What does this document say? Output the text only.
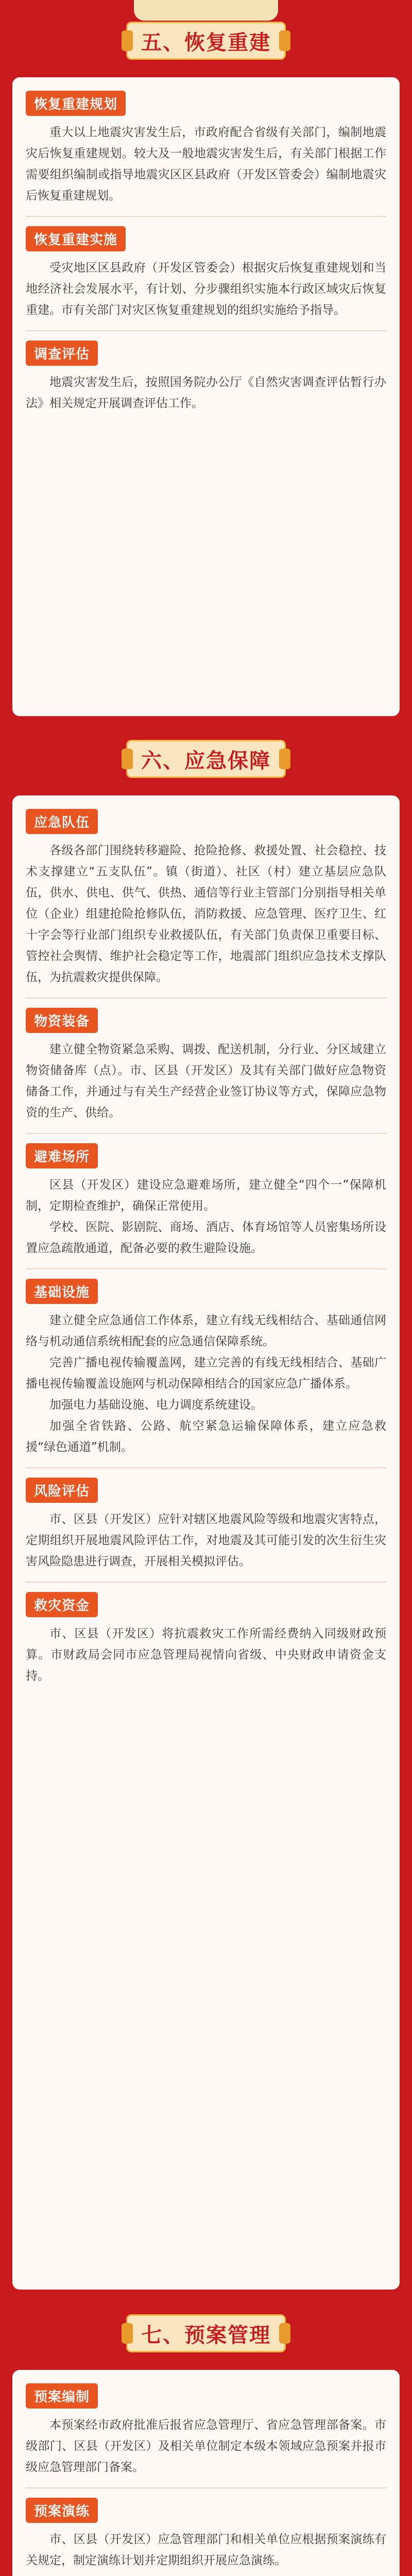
五、恢复重建
恢复重建规划

重大以上地震灾害发生后，市政府配合省级有关部门，编制地震灾后恢复重建规划。较大及一般地震灾害发生后，有关部门根据工作需要组织编制或指导地震灾区区县政府（开发区管委会）编制地震灾后恢复重建规划。

恢复重建实施

受灾地区区县政府（开发区管委会）根据灾后恢复重建规划和当地经济社会发展水平，有计划、分步骤组织实施本行政区域灾后恢复重建。市有关部门对灾区恢复重建规划的组织实施给予指导。

调查评估

地震灾害发生后，按照国务院办公厅《自然灾害调查评估暂行办法》相关规定开展调查评估工作。

六、应急保障
应急队伍

各级各部门围绕转移避险、抢险抢修、救援处置、社会稳控、技术支撑建立“五支队伍”。镇（街道）、社区（村）建立基层应急队伍，供水、供电、供气、供热、通信等行业主管部门分别指导相关单位（企业）组建抢险抢修队伍，消防救援、应急管理、医疗卫生、红十字会等行业部门组织专业救援队伍，有关部门负责保卫重要目标、管控社会舆情、维护社会稳定等工作，地震部门组织应急技术支撑队伍，为抗震救灾提供保障。

物资装备

建立健全物资紧急采购、调拨、配送机制，分行业、分区域建立物资储备库（点）。市、区县（开发区）及其有关部门做好应急物资储备工作，并通过与有关生产经营企业签订协议等方式，保障应急物资的生产、供给。

避难场所

区县（开发区）建设应急避难场所，建立健全“四个一”保障机制，定期检查维护，确保正常使用。

学校、医院、影剧院、商场、酒店、体育场馆等人员密集场所设置应急疏散通道，配备必要的救生避险设施。

基础设施

建立健全应急通信工作体系，建立有线无线相结合、基础通信网络与机动通信系统相配套的应急通信保障系统。

完善广播电视传输覆盖网，建立完善的有线无线相结合、基础广播电视传输覆盖设施网与机动保障相结合的国家应急广播体系。

加强电力基础设施、电力调度系统建设。

加强全省铁路、公路、航空紧急运输保障体系，建立应急救援“绿色通道”机制。

风险评估

市、区县（开发区）应针对辖区地震风险等级和地震灾害特点，定期组织开展地震风险评估工作，对地震及其可能引发的次生衍生灾害风险隐患进行调查，开展相关模拟评估。

救灾资金

市、区县（开发区）将抗震救灾工作所需经费纳入同级财政预算。市财政局会同市应急管理局视情向省级、中央财政申请资金支持。

七、预案管理
预案编制

本预案经市政府批准后报省应急管理厅、省应急管理部备案。市级部门、区县（开发区）及相关单位制定本级本领域应急预案并报市级应急管理部门备案。

预案演练

市、区县（开发区）应急管理部门和相关单位应根据预案演练有关规定，制定演练计划并定期组织开展应急演练。
